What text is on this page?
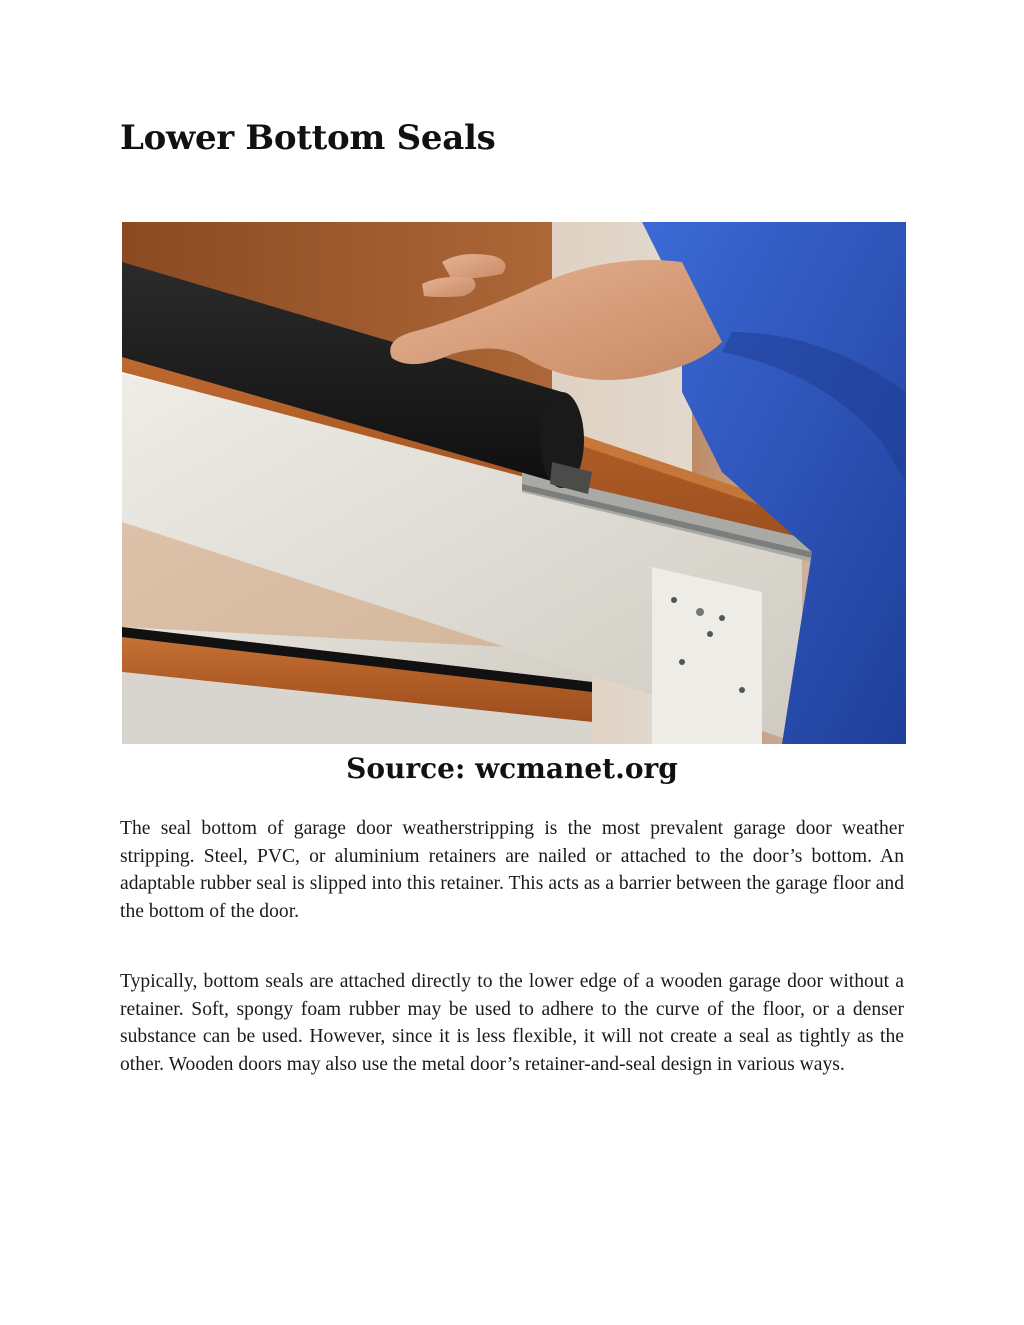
Lower Bottom Seals
Source: wcmanet.org

The seal bottom of garage door weatherstripping is the most prevalent garage door weather stripping. Steel, PVC, or aluminium retainers are nailed or attached to the door’s bottom. An adaptable rubber seal is slipped into this retainer. This acts as a barrier between the garage floor and the bottom of the door.

Typically, bottom seals are attached directly to the lower edge of a wooden garage door without a retainer. Soft, spongy foam rubber may be used to adhere to the curve of the floor, or a denser substance can be used. However, since it is less flexible, it will not create a seal as tightly as the other. Wooden doors may also use the metal door’s retainer-and-seal design in various ways.
